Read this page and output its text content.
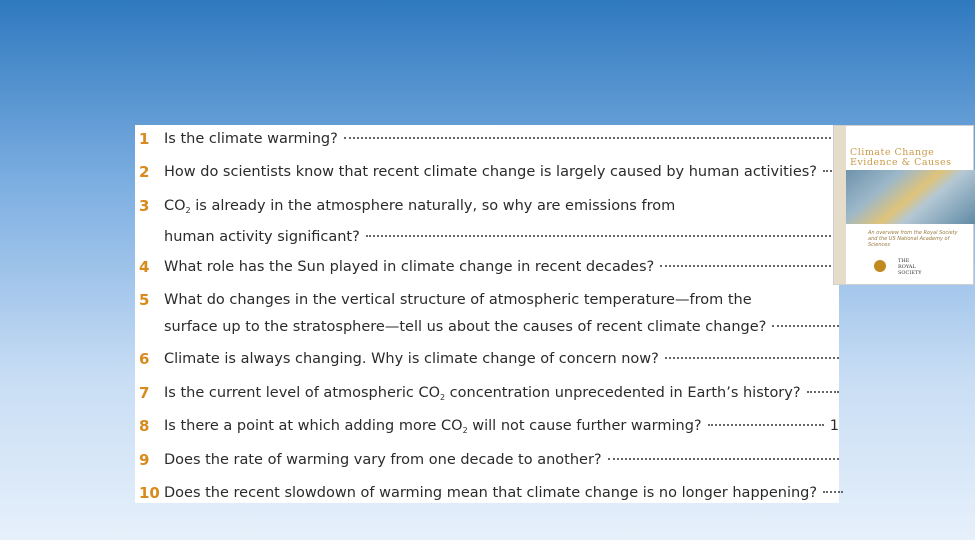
1	Is the climate warming?
2	How do scientists know that recent climate change is largely caused by human activities?
3	$CO_2$ is already in the atmosphere naturally, so why are emissions from
human activity significant?
4	What role has the Sun played in climate change in recent decades?
5	What do changes in the vertical structure of atmospheric temperature—from the
surface up to the stratosphere—tell us about the causes of recent climate change?
6	Climate is always changing. Why is climate change of concern now?
7	Is the current level of atmospheric $CO_2$ concentration unprecedented in Earth’s history?
8	Is there a point at which adding more $CO_2$ will not cause further warming?	1
9	Does the rate of warming vary from one decade to another?
10 Does the recent slowdown of warming mean that climate change is no longer happening?
Climate Change
Evidence & Causes
An overview from the Royal Society and the US National Academy of Sciences
THE
ROYAL
SOCIETY
